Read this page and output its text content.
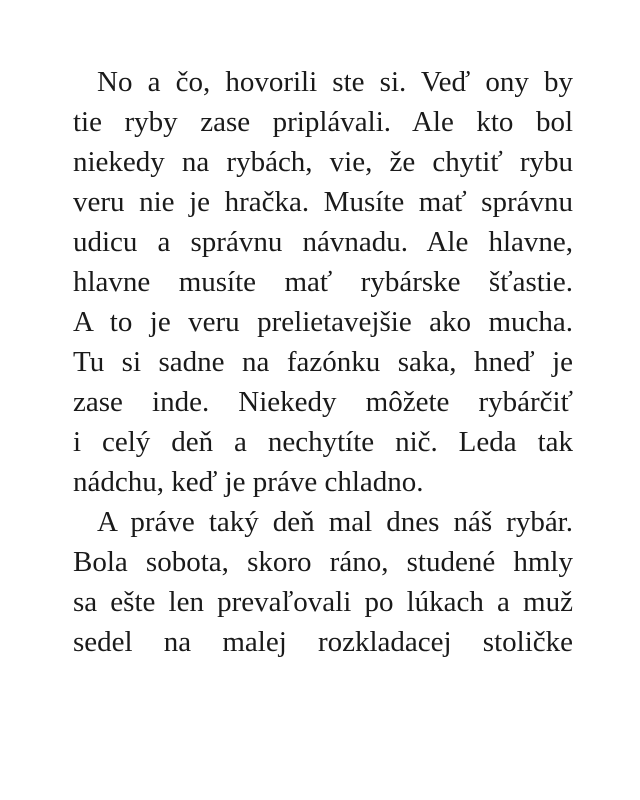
No a čo, hovorili ste si. Veď ony by
tie ryby zase priplávali. Ale kto bol
niekedy na rybách, vie, že chytiť rybu
veru nie je hračka. Musíte mať správnu
udicu a správnu návnadu. Ale hlavne,
hlavne musíte mať rybárske šťastie.
A to je veru prelietavejšie ako mucha.
Tu si sadne na fazónku saka, hneď je
zase inde. Niekedy môžete rybárčiť
i celý deň a nechytíte nič. Leda tak
nádchu, keď je práve chladno.
A práve taký deň mal dnes náš rybár.
Bola sobota, skoro ráno, studené hmly
sa ešte len prevaľovali po lúkach a muž
sedel na malej rozkladacej stoličke
